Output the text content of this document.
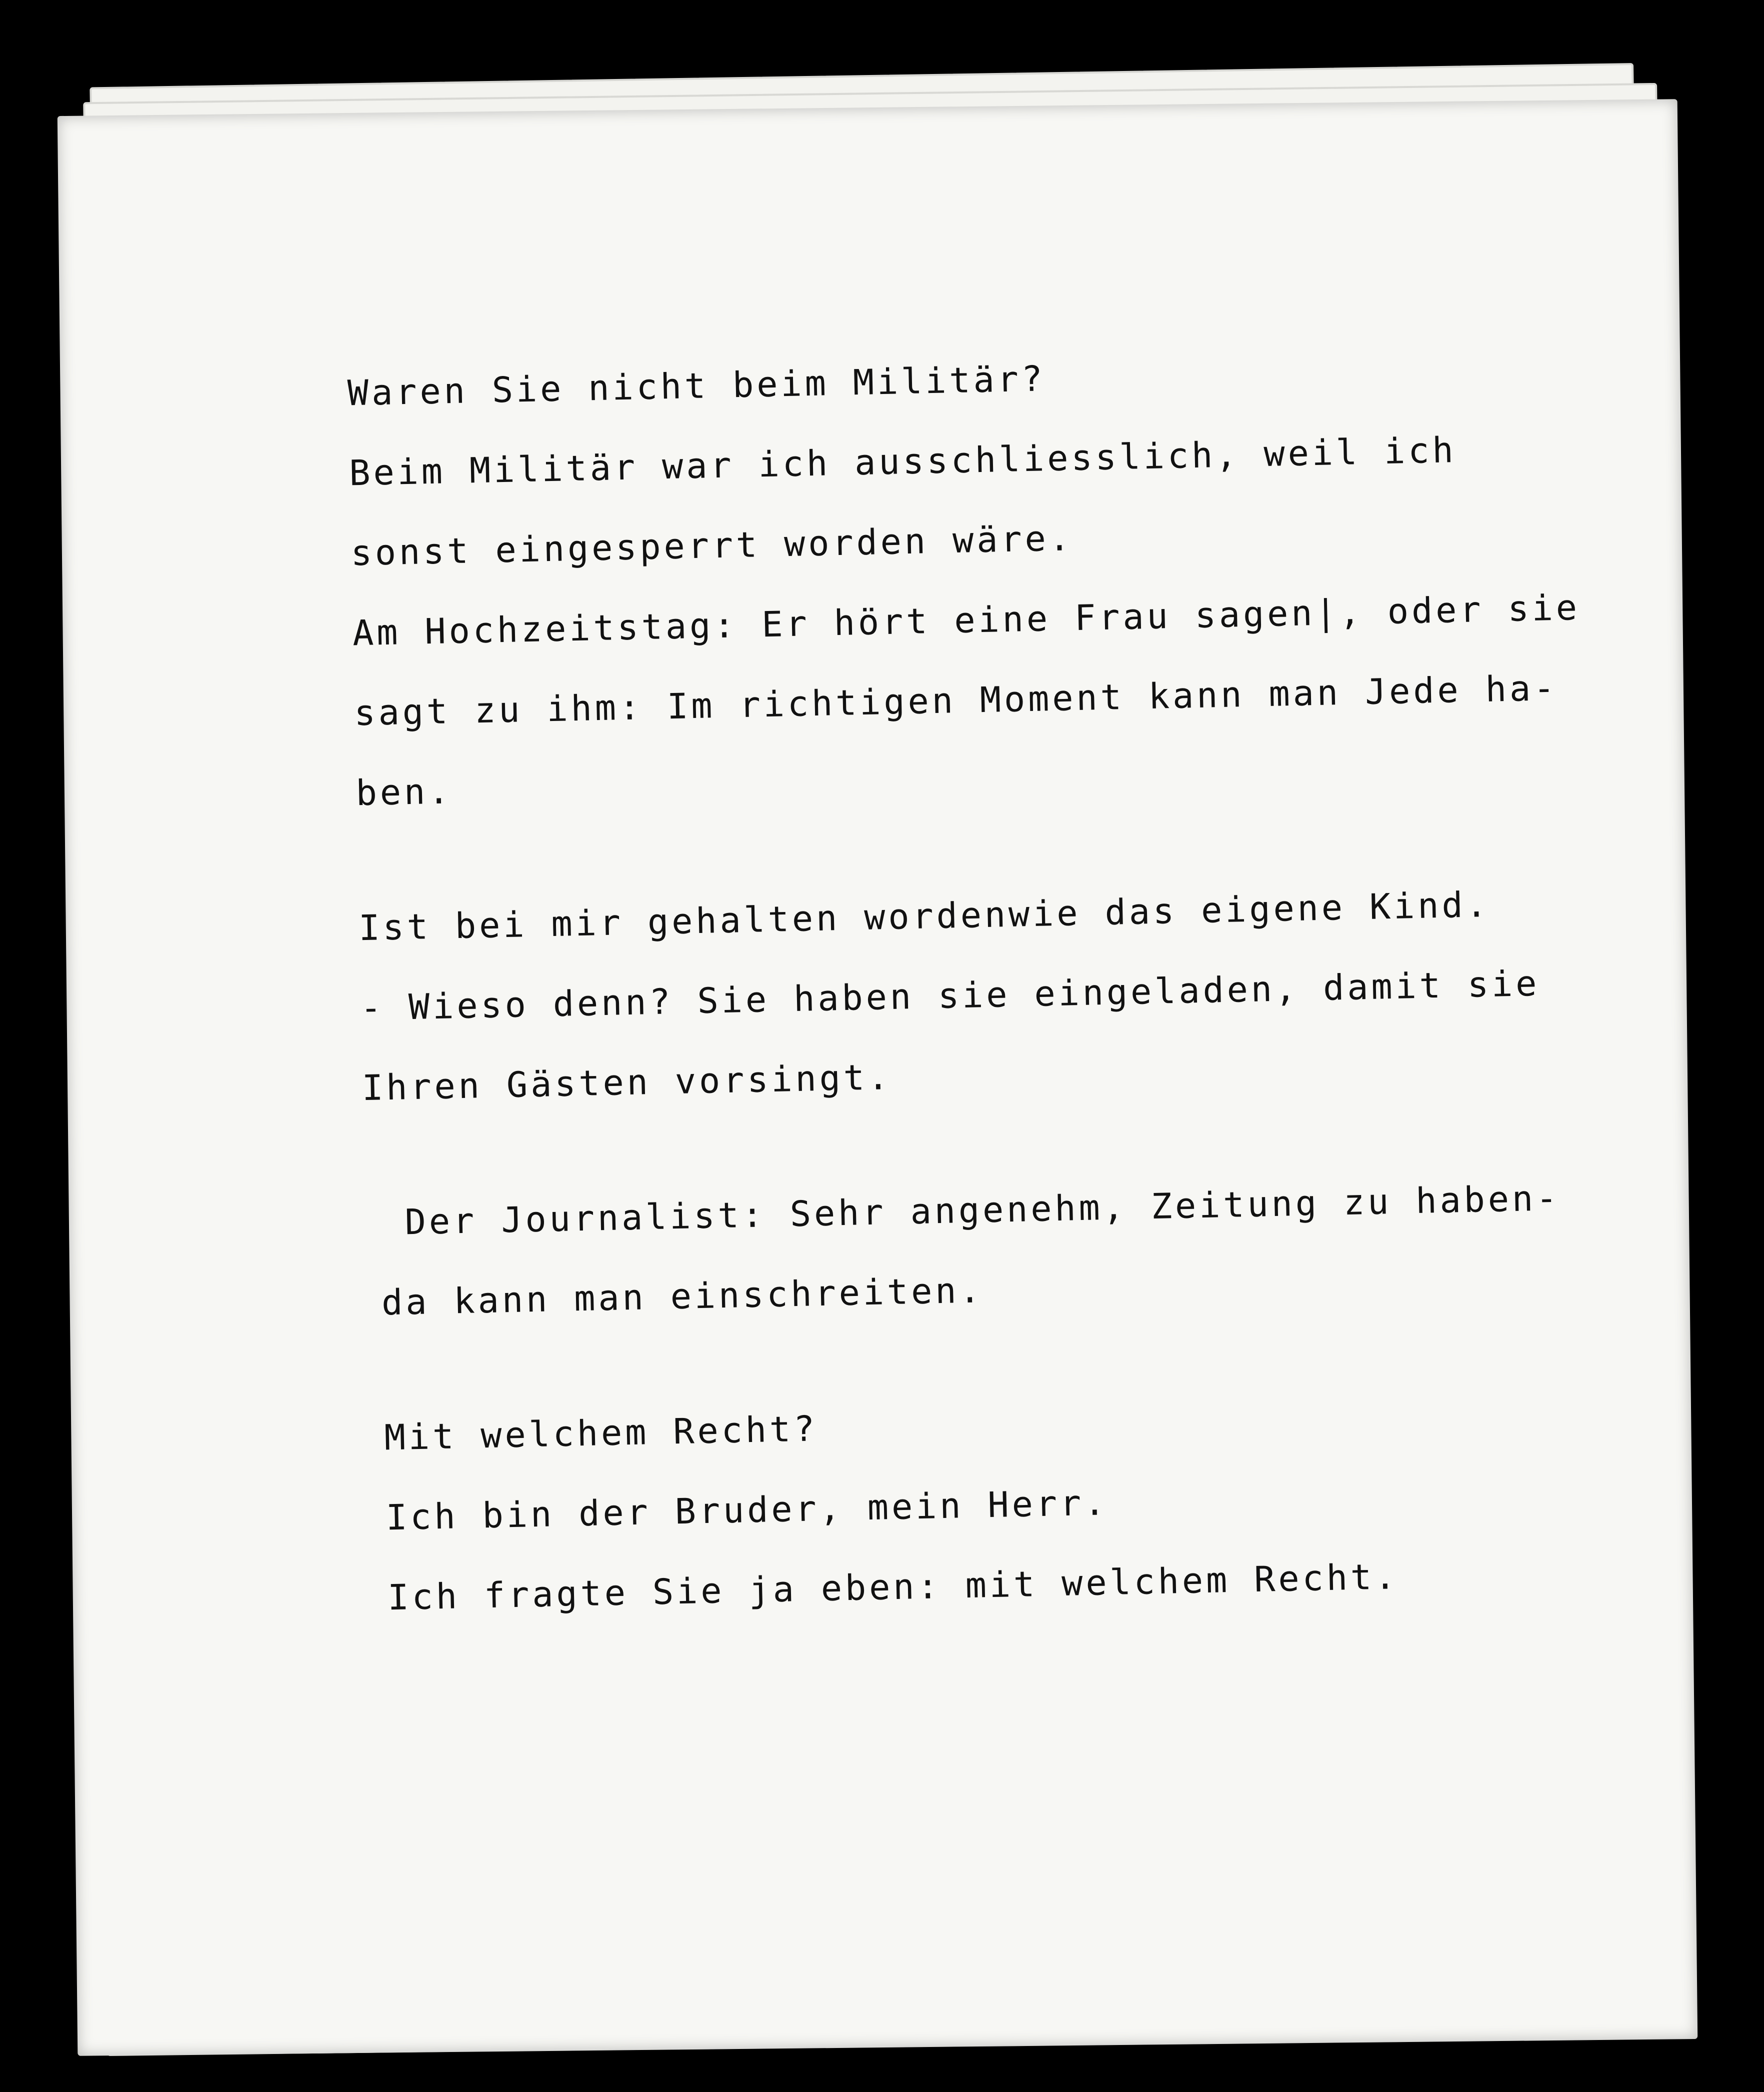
Waren Sie nicht beim Militär?
Beim Militär war ich ausschliesslich, weil ich
sonst eingesperrt worden wäre.
Am Hochzeitstag: Er hört eine Frau sagen|, oder sie
sagt zu ihm: Im richtigen Moment kann man Jede ha-
ben.
Ist bei mir gehalten wordenwie das eigene Kind.
- Wieso denn? Sie haben sie eingeladen, damit sie
Ihren Gästen vorsingt.
Der Journalist: Sehr angenehm, Zeitung zu haben-
da kann man einschreiten.
Mit welchem Recht?
Ich bin der Bruder, mein Herr.
Ich fragte Sie ja eben: mit welchem Recht.
